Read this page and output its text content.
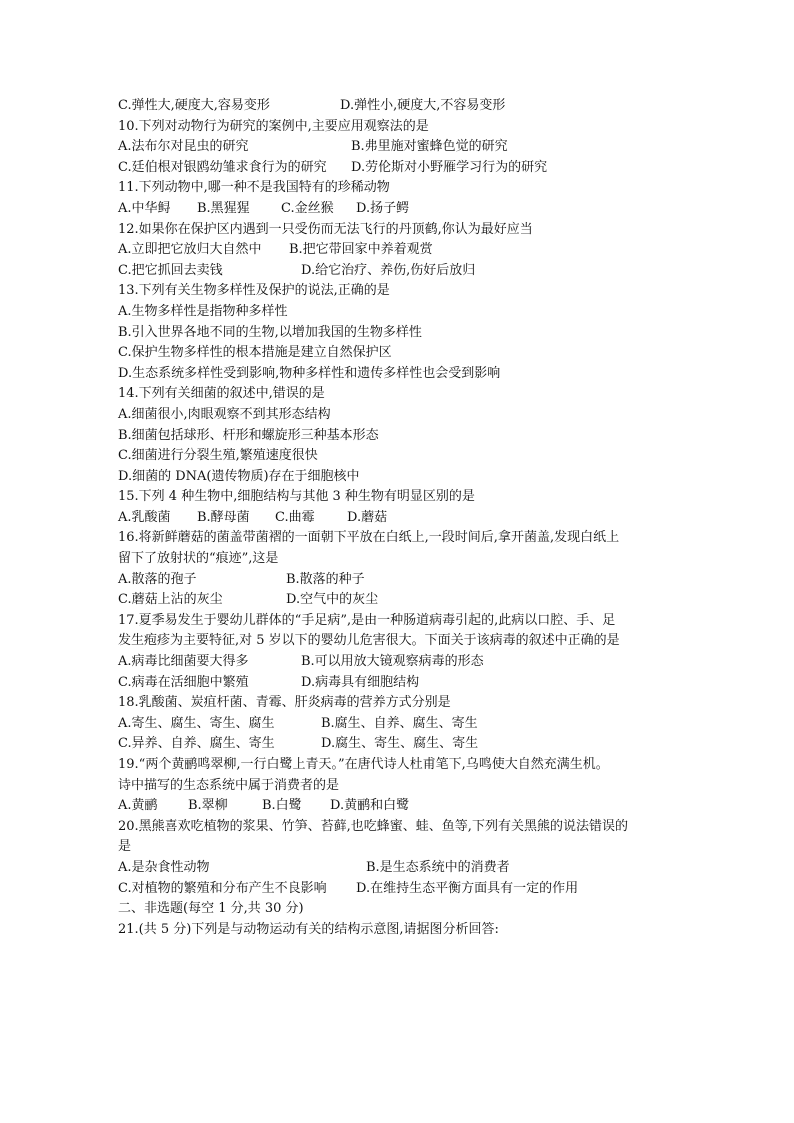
C.弹性大,硬度大,容易变形	D.弹性小,硬度大,不容易变形
10.下列对动物行为研究的案例中,主要应用观察法的是
A.法布尔对昆虫的研究	B.弗里施对蜜蜂色觉的研究
C.廷伯根对银鸥幼雏求食行为的研究 D.劳伦斯对小野雁学习行为的研究
11.下列动物中,哪一种不是我国特有的珍稀动物
A.中华鲟 B.黑猩猩 C.金丝猴 D.扬子鳄
12.如果你在保护区内遇到一只受伤而无法飞行的丹顶鹤,你认为最好应当
A.立即把它放归大自然中 B.把它带回家中养着观赏
C.把它抓回去卖钱	D.给它治疗、养伤,伤好后放归
13.下列有关生物多样性及保护的说法,正确的是
A.生物多样性是指物种多样性
B.引入世界各地不同的生物,以增加我国的生物多样性
C.保护生物多样性的根本措施是建立自然保护区
D.生态系统多样性受到影响,物种多样性和遗传多样性也会受到影响
14.下列有关细菌的叙述中,错误的是
A.细菌很小,肉眼观察不到其形态结构
B.细菌包括球形、杆形和螺旋形三种基本形态
C.细菌进行分裂生殖,繁殖速度很快
D.细菌的 DNA(遗传物质)存在于细胞核中
15.下列 4 种生物中,细胞结构与其他 3 种生物有明显区别的是
A.乳酸菌 B.酵母菌 C.曲霉 D.蘑菇
16.将新鲜蘑菇的菌盖带菌褶的一面朝下平放在白纸上,一段时间后,拿开菌盖,发现白纸上
留下了放射状的“痕迹”,这是
A.散落的孢子	B.散落的种子
C.蘑菇上沾的灰尘	D.空气中的灰尘
17.夏季易发生于婴幼儿群体的“手足病”,是由一种肠道病毒引起的,此病以口腔、手、足
发生疱疹为主要特征,对 5 岁以下的婴幼儿危害很大。下面关于该病毒的叙述中正确的是
A.病毒比细菌要大得多	B.可以用放大镜观察病毒的形态
C.病毒在活细胞中繁殖	D.病毒具有细胞结构
18.乳酸菌、炭疽杆菌、青霉、肝炎病毒的营养方式分别是
A.寄生、腐生、寄生、腐生	B.腐生、自养、腐生、寄生
C.异养、自养、腐生、寄生	D.腐生、寄生、腐生、寄生
19.“两个黄鹂鸣翠柳,一行白鹭上青天。”在唐代诗人杜甫笔下,乌鸣使大自然充满生机。
诗中描写的生态系统中属于消费者的是
A.黄鹂 B.翠柳	B.白鹭 D.黄鹂和白鹭
20.黑熊喜欢吃植物的浆果、竹笋、苔藓,也吃蜂蜜、蛙、鱼等,下列有关黑熊的说法错误的
是
A.是杂食性动物	B.是生态系统中的消费者
C.对植物的繁殖和分布产生不良影响 D.在维持生态平衡方面具有一定的作用
二、非选题(每空 1 分,共 30 分)
21.(共 5 分)下列是与动物运动有关的结构示意图,请据图分析回答:
